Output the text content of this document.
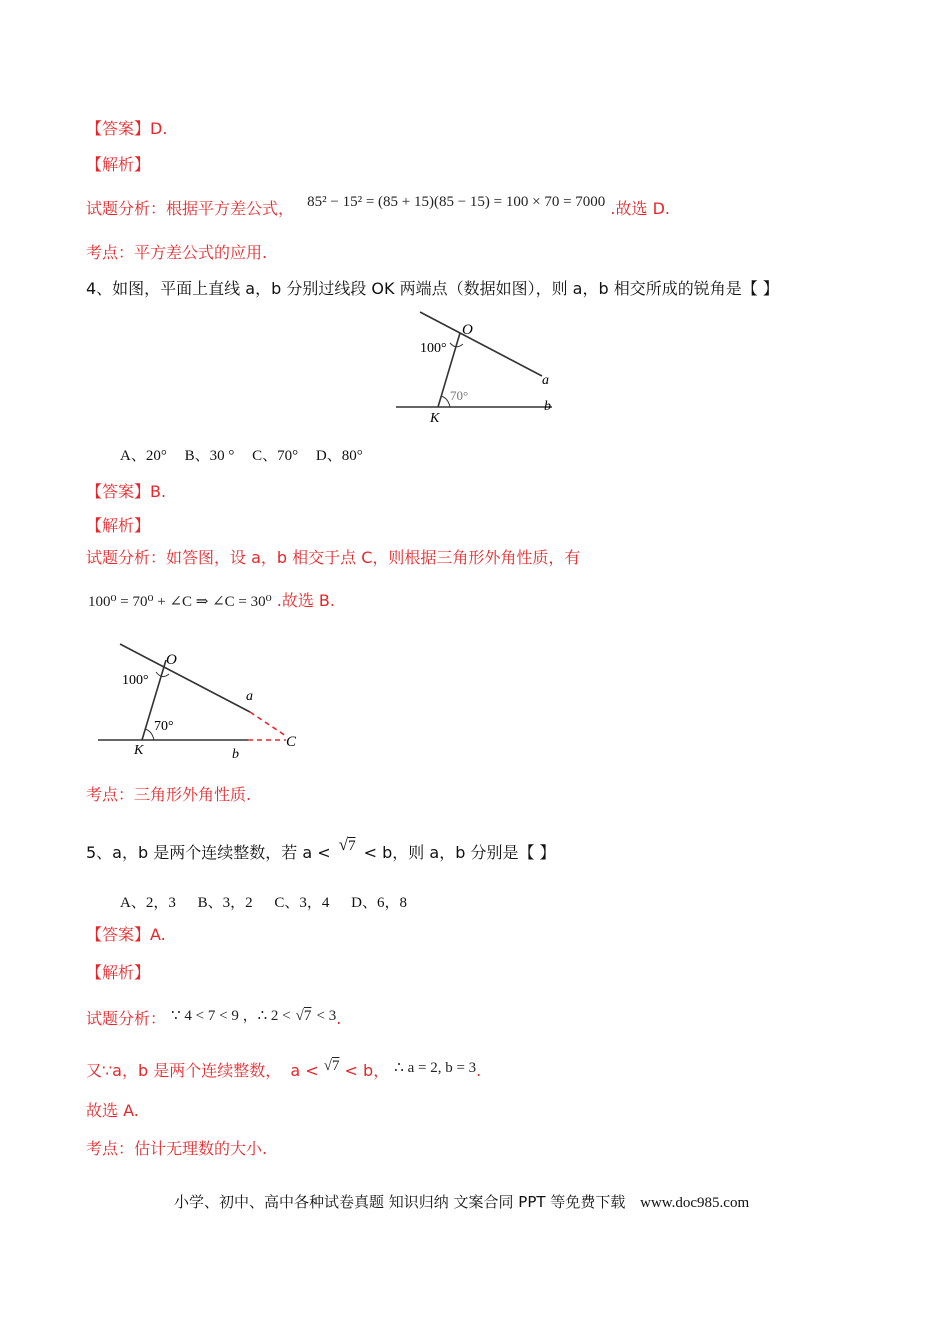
【答案】D.
【解析】
试题分析：根据平方差公式， 85² − 15² = (85 + 15)(85 − 15) = 100 × 70 = 7000 .故选 D.
考点：平方差公式的应用.
4、如图，平面上直线 a，b 分别过线段 OK 两端点（数据如图），则 a，b 相交所成的锐角是【 】
O
100°
70°
a
b
K
A、20° B、30 ° C、70° D、80°
【答案】B.
【解析】
试题分析：如答图，设 a，b 相交于点 C，则根据三角形外角性质，有
100⁰ = 70⁰ + ∠C ⇒ ∠C = 30⁰ .故选 B.
O
100°
70°
a
b
K
C
考点：三角形外角性质.
5、a，b 是两个连续整数，若 a < √7 < b，则 a，b 分别是【 】
A、2，3 B、3，2 C、3，4 D、6，8
【答案】A.
【解析】
试题分析： ∵ 4 < 7 < 9 ，∴ 2 < √7 < 3.
又∵a，b 是两个连续整数， a < √7 < b， ∴ a = 2, b = 3.
故选 A.
考点：估计无理数的大小.
小学、初中、高中各种试卷真题 知识归纳 文案合同 PPT 等免费下载 www.doc985.com
